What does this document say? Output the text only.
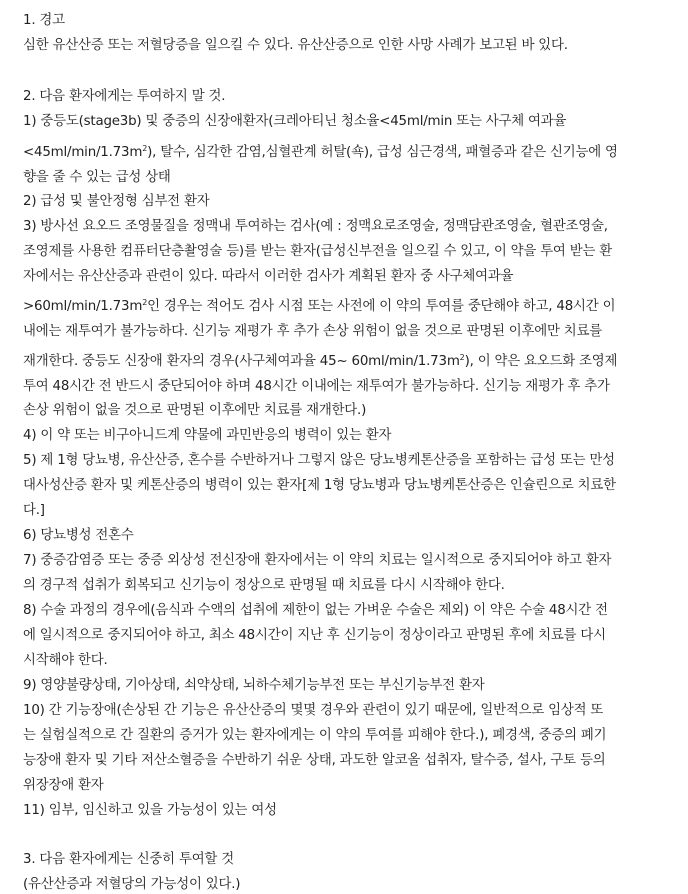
1. 경고
심한 유산산증 또는 저혈당증을 일으킬 수 있다. 유산산증으로 인한 사망 사례가 보고된 바 있다.
2. 다음 환자에게는 투여하지 말 것.
1) 중등도(stage3b) 및 중증의 신장애환자(크레아티닌 청소율<45ml/min 또는 사구체 여과율
$<45ml/\min/1.73m^2$), 탈수, 심각한 감염,심혈관계 허탈(쇽), 급성 심근경색, 패혈증과 같은 신기능에 영
향을 줄 수 있는 급성 상태
2) 급성 및 불안정형 심부전 환자
3) 방사선 요오드 조영물질을 정맥내 투여하는 검사(예 : 정맥요로조영술, 정맥담관조영술, 혈관조영술,
조영제를 사용한 컴퓨터단층촬영술 등)를 받는 환자(급성신부전을 일으킬 수 있고, 이 약을 투여 받는 환
자에서는 유산산증과 관련이 있다. 따라서 이러한 검사가 계획된 환자 중 사구체여과율
$>60ml/\min/1.73m^2$인 경우는 적어도 검사 시점 또는 사전에 이 약의 투여를 중단해야 하고, 48시간 이
내에는 재투여가 불가능하다. 신기능 재평가 후 추가 손상 위험이 없을 것으로 판명된 이후에만 치료를
재개한다. 중등도 신장애 환자의 경우(사구체여과율 45~ $60ml/\min/1.73m^2$), 이 약은 요오드화 조영제
투여 48시간 전 반드시 중단되어야 하며 48시간 이내에는 재투여가 불가능하다. 신기능 재평가 후 추가
손상 위험이 없을 것으로 판명된 이후에만 치료를 재개한다.)
4) 이 약 또는 비구아니드계 약물에 과민반응의 병력이 있는 환자
5) 제 1형 당뇨병, 유산산증, 혼수를 수반하거나 그렇지 않은 당뇨병케톤산증을 포함하는 급성 또는 만성
대사성산증 환자 및 케톤산증의 병력이 있는 환자[제 1형 당뇨병과 당뇨병케톤산증은 인슐린으로 치료한
다.]
6) 당뇨병성 전혼수
7) 중증감염증 또는 중증 외상성 전신장애 환자에서는 이 약의 치료는 일시적으로 중지되어야 하고 환자
의 경구적 섭취가 회복되고 신기능이 정상으로 판명될 때 치료를 다시 시작해야 한다.
8) 수술 과정의 경우에(음식과 수액의 섭취에 제한이 없는 가벼운 수술은 제외) 이 약은 수술 48시간 전
에 일시적으로 중지되어야 하고, 최소 48시간이 지난 후 신기능이 정상이라고 판명된 후에 치료를 다시
시작해야 한다.
9) 영양불량상태, 기아상태, 쇠약상태, 뇌하수체기능부전 또는 부신기능부전 환자
10) 간 기능장애(손상된 간 기능은 유산산증의 몇몇 경우와 관련이 있기 때문에, 일반적으로 임상적 또
는 실험실적으로 간 질환의 증거가 있는 환자에게는 이 약의 투여를 피해야 한다.), 폐경색, 중증의 폐기
능장애 환자 및 기타 저산소혈증을 수반하기 쉬운 상태, 과도한 알코올 섭취자, 탈수증, 설사, 구토 등의
위장장애 환자
11) 임부, 임신하고 있을 가능성이 있는 여성
3. 다음 환자에게는 신중히 투여할 것
(유산산증과 저혈당의 가능성이 있다.)
